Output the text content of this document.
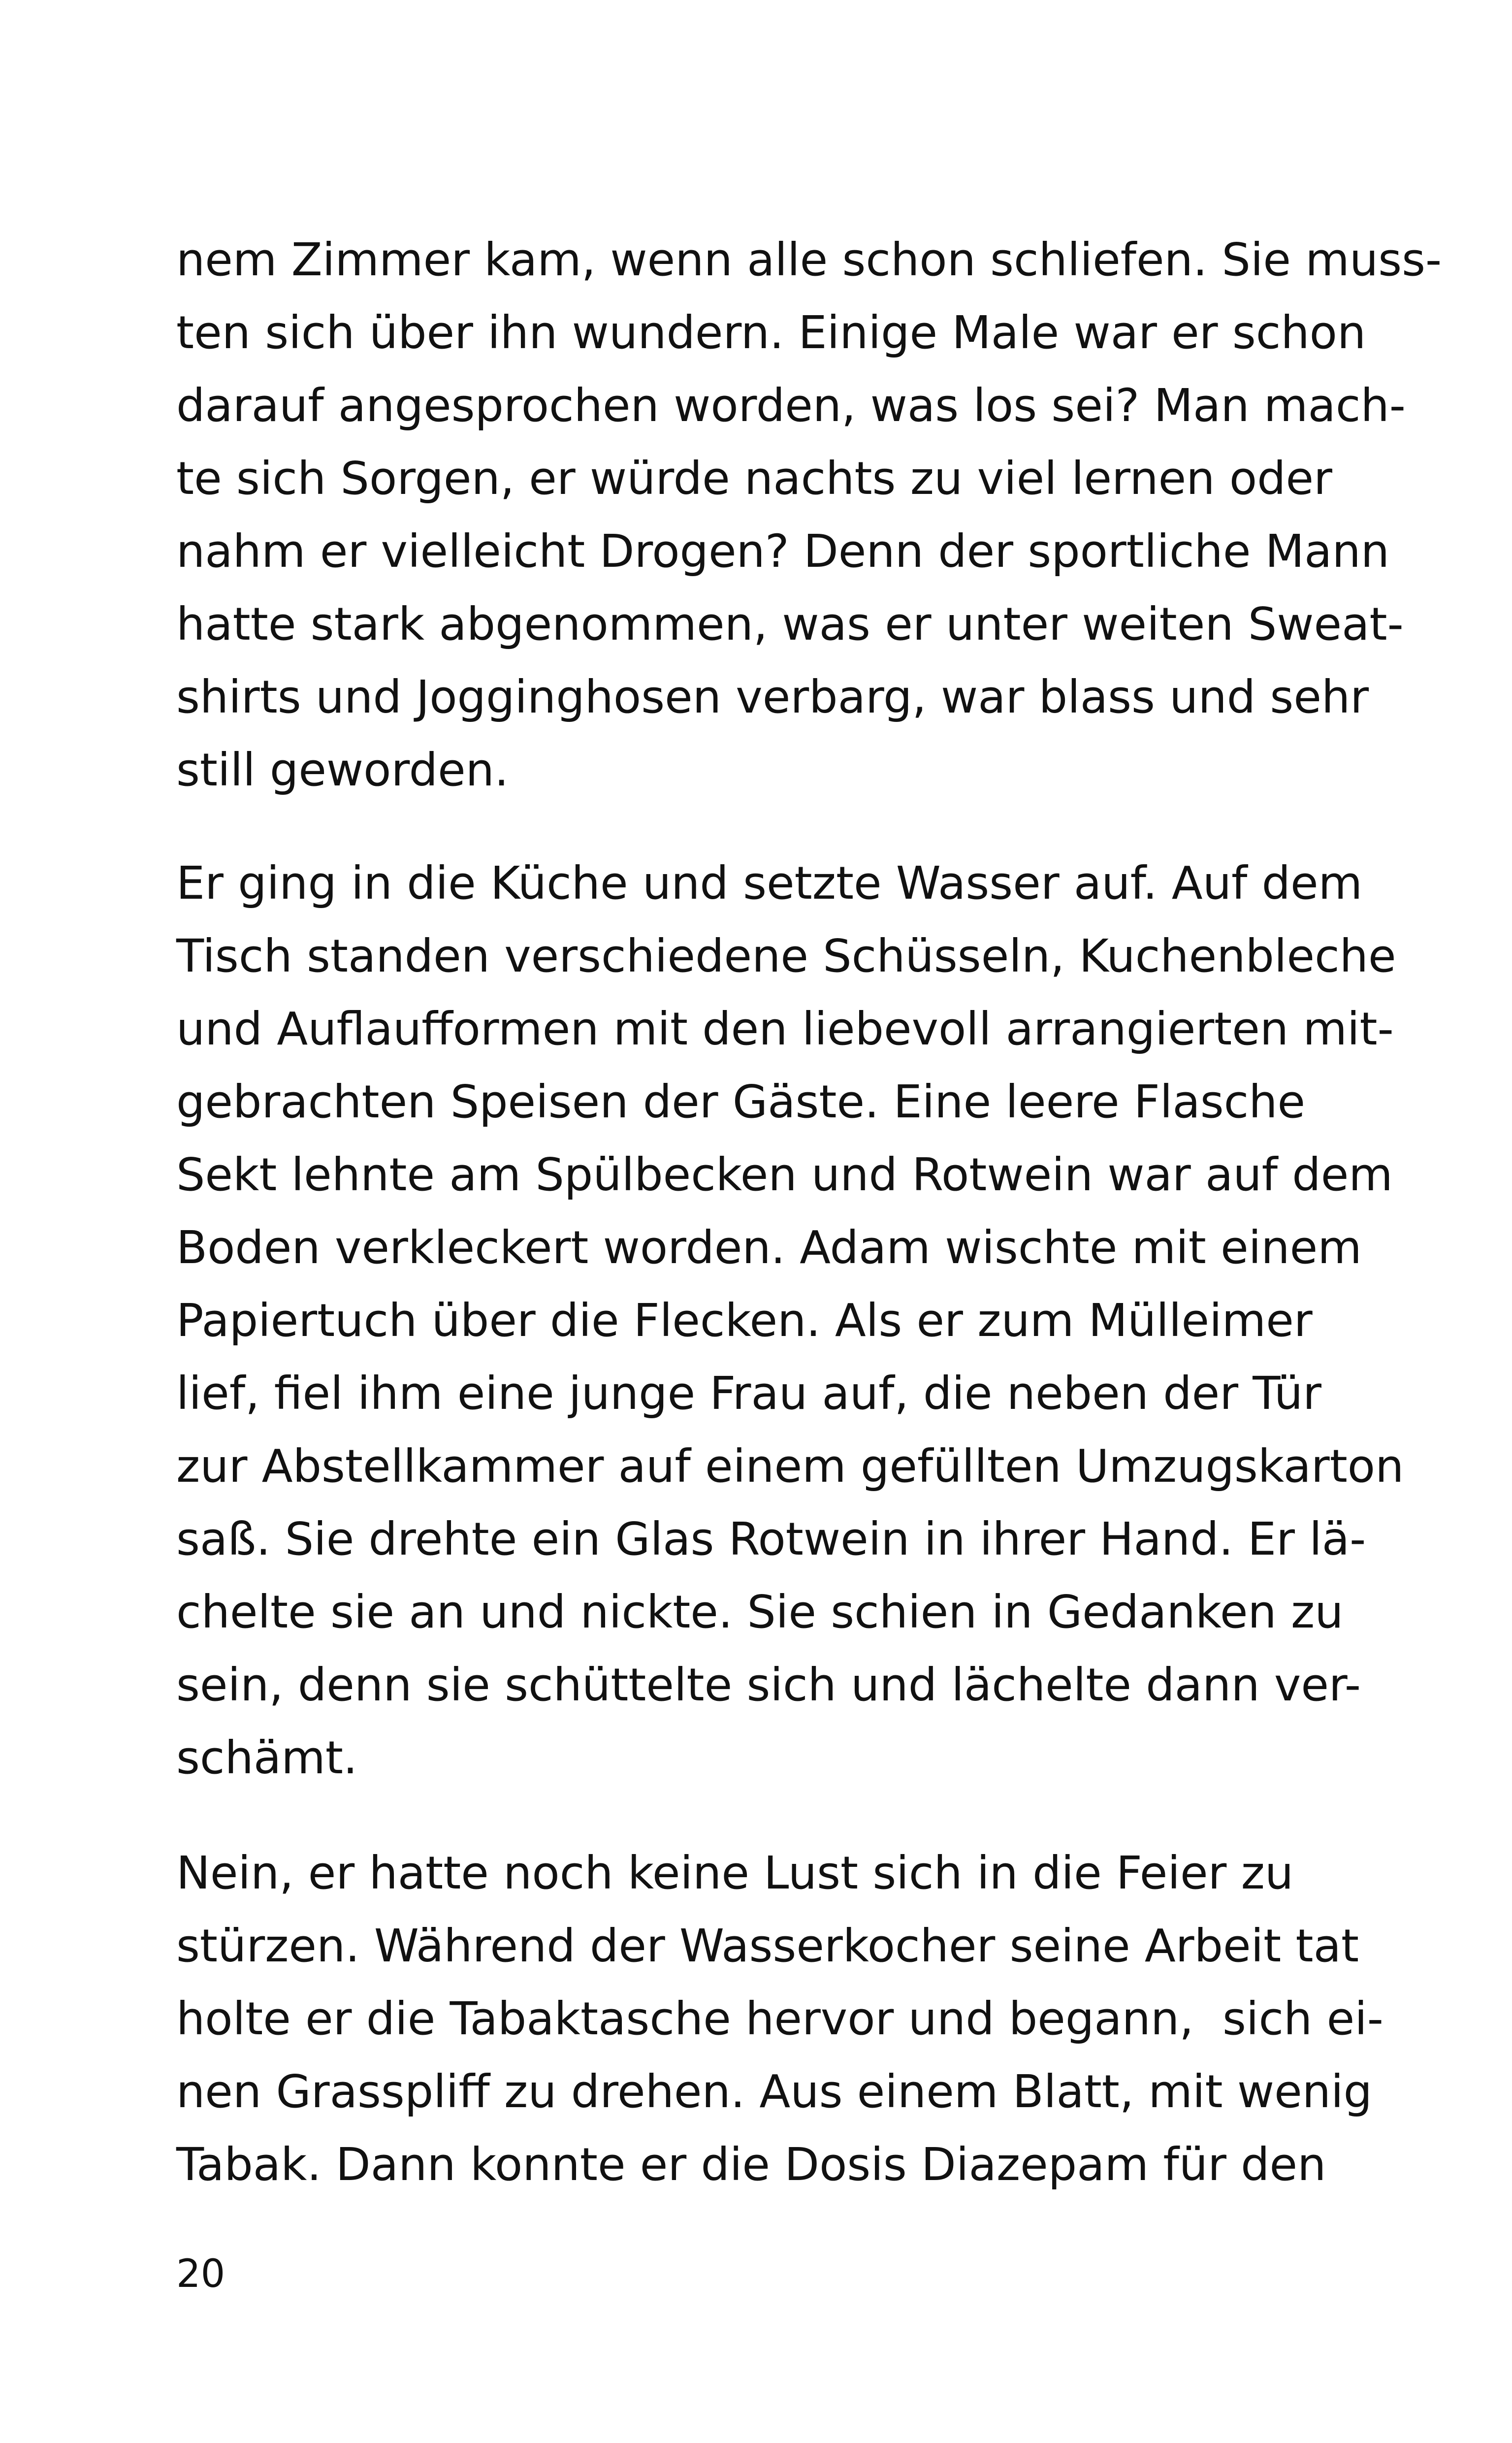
nem Zimmer kam, wenn alle schon schliefen. Sie muss-
ten sich über ihn wundern. Einige Male war er schon
darauf angesprochen worden, was los sei? Man mach-
te sich Sorgen, er würde nachts zu viel lernen oder
nahm er vielleicht Drogen? Denn der sportliche Mann
hatte stark abgenommen, was er unter weiten Sweat-
shirts und Jogginghosen verbarg, war blass und sehr
still geworden.
Er ging in die Küche und setzte Wasser auf. Auf dem
Tisch standen verschiedene Schüsseln, Kuchenbleche
und Auflaufformen mit den liebevoll arrangierten mit-
gebrachten Speisen der Gäste. Eine leere Flasche
Sekt lehnte am Spülbecken und Rotwein war auf dem
Boden verkleckert worden. Adam wischte mit einem
Papiertuch über die Flecken. Als er zum Mülleimer
lief, fiel ihm eine junge Frau auf, die neben der Tür
zur Abstellkammer auf einem gefüllten Umzugskarton
saß. Sie drehte ein Glas Rotwein in ihrer Hand. Er lä-
chelte sie an und nickte. Sie schien in Gedanken zu
sein, denn sie schüttelte sich und lächelte dann ver-
schämt.
Nein, er hatte noch keine Lust sich in die Feier zu
stürzen. Während der Wasserkocher seine Arbeit tat
holte er die Tabaktasche hervor und begann,  sich ei-
nen Grasspliff zu drehen. Aus einem Blatt, mit wenig
Tabak. Dann konnte er die Dosis Diazepam für den
20
